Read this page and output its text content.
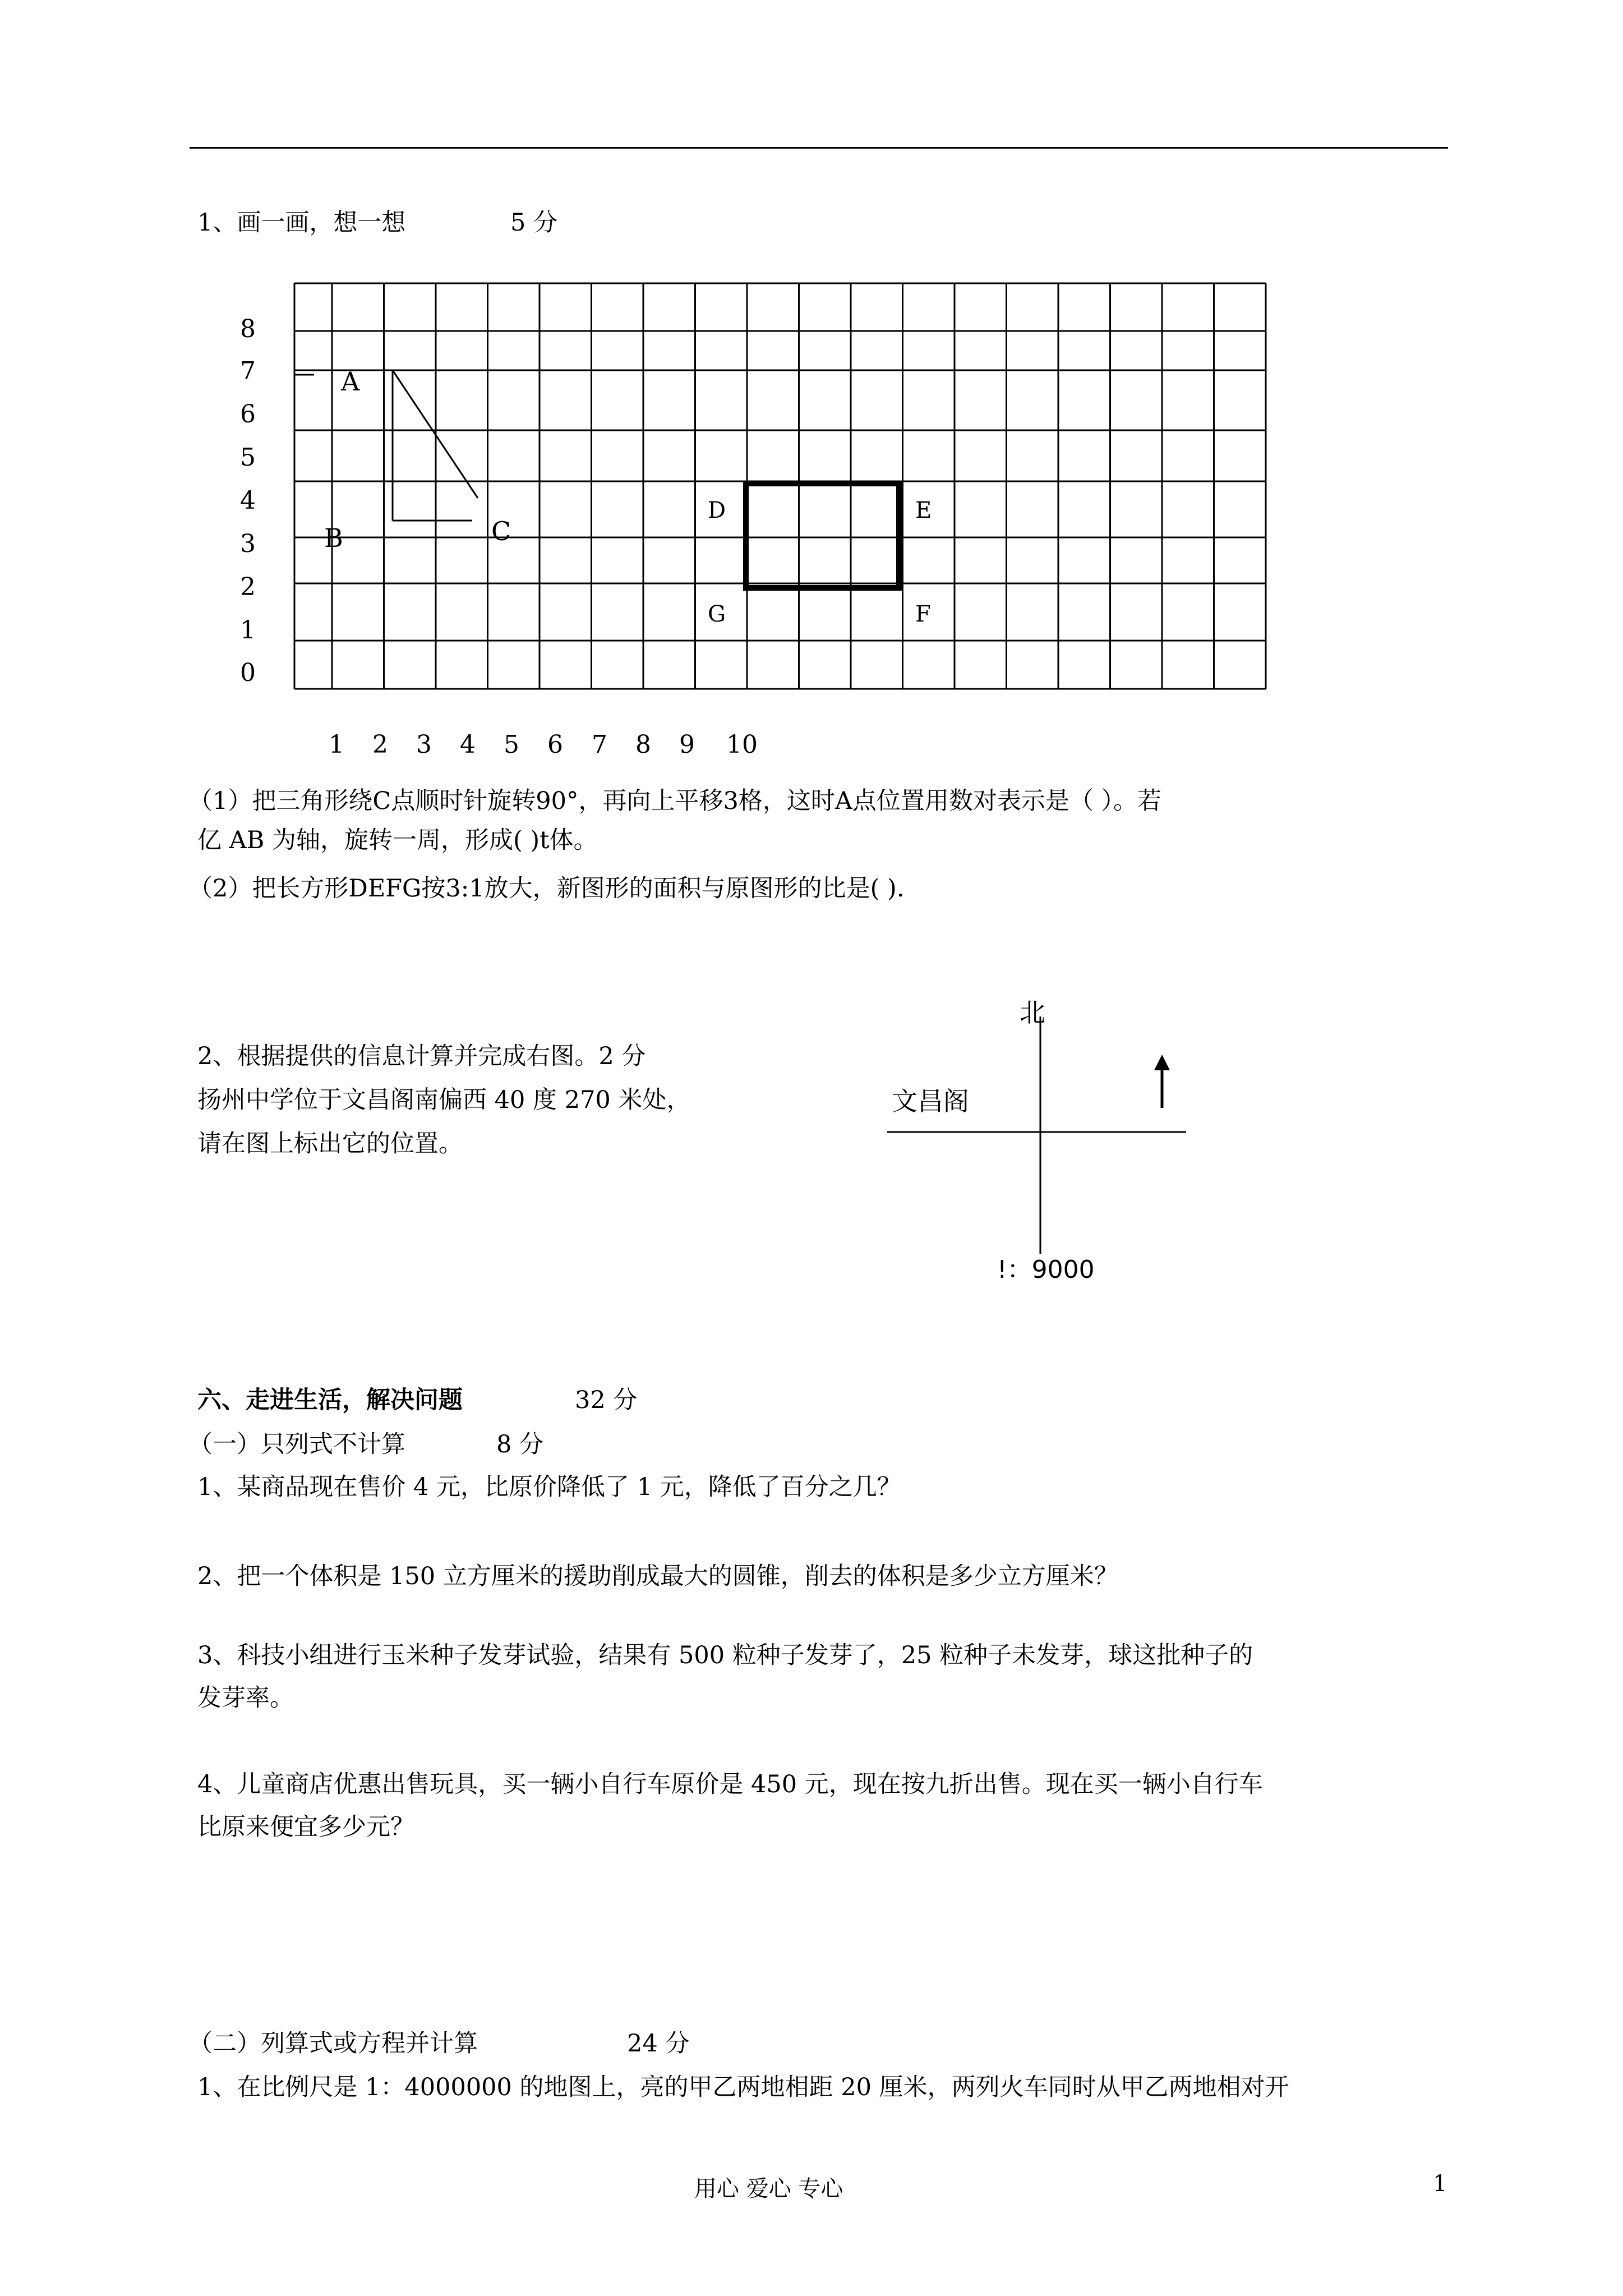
1、画一画，想一想	5 分
8
7
6
5
4
3
2
1
0
1 2 3 4 5 6 7 8 9 10
A
B	C
D	E
F
G
（1）把三角形绕C点顺时针旋转90°，再向上平移3格，这时A点位置用数对表示是（ ）。若
亿 AB 为轴，旋转一周，形成( )t体。
（2）把长方形DEFG按3:1放大，新图形的面积与原图形的比是( ).
2、根据提供的信息计算并完成右图。2 分
扬州中学位于文昌阁南偏西 40 度 270 米处，
请在图上标出它的位置。
北
文昌阁
!：9000
六、走进生活，解决问题	32 分
（一）只列式不计算	8 分
1、某商品现在售价 4 元，比原价降低了 1 元，降低了百分之几？
2、把一个体积是 150 立方厘米的援助削成最大的圆锥，削去的体积是多少立方厘米？
3、科技小组进行玉米种子发芽试验，结果有 500 粒种子发芽了，25 粒种子未发芽，球这批种子的
发芽率。
4、儿童商店优惠出售玩具，买一辆小自行车原价是 450 元，现在按九折出售。现在买一辆小自行车
比原来便宜多少元？
（二）列算式或方程并计算	24 分
1、在比例尺是 1：4000000 的地图上，亮的甲乙两地相距 20 厘米，两列火车同时从甲乙两地相对开
用心 爱心 专心	1
